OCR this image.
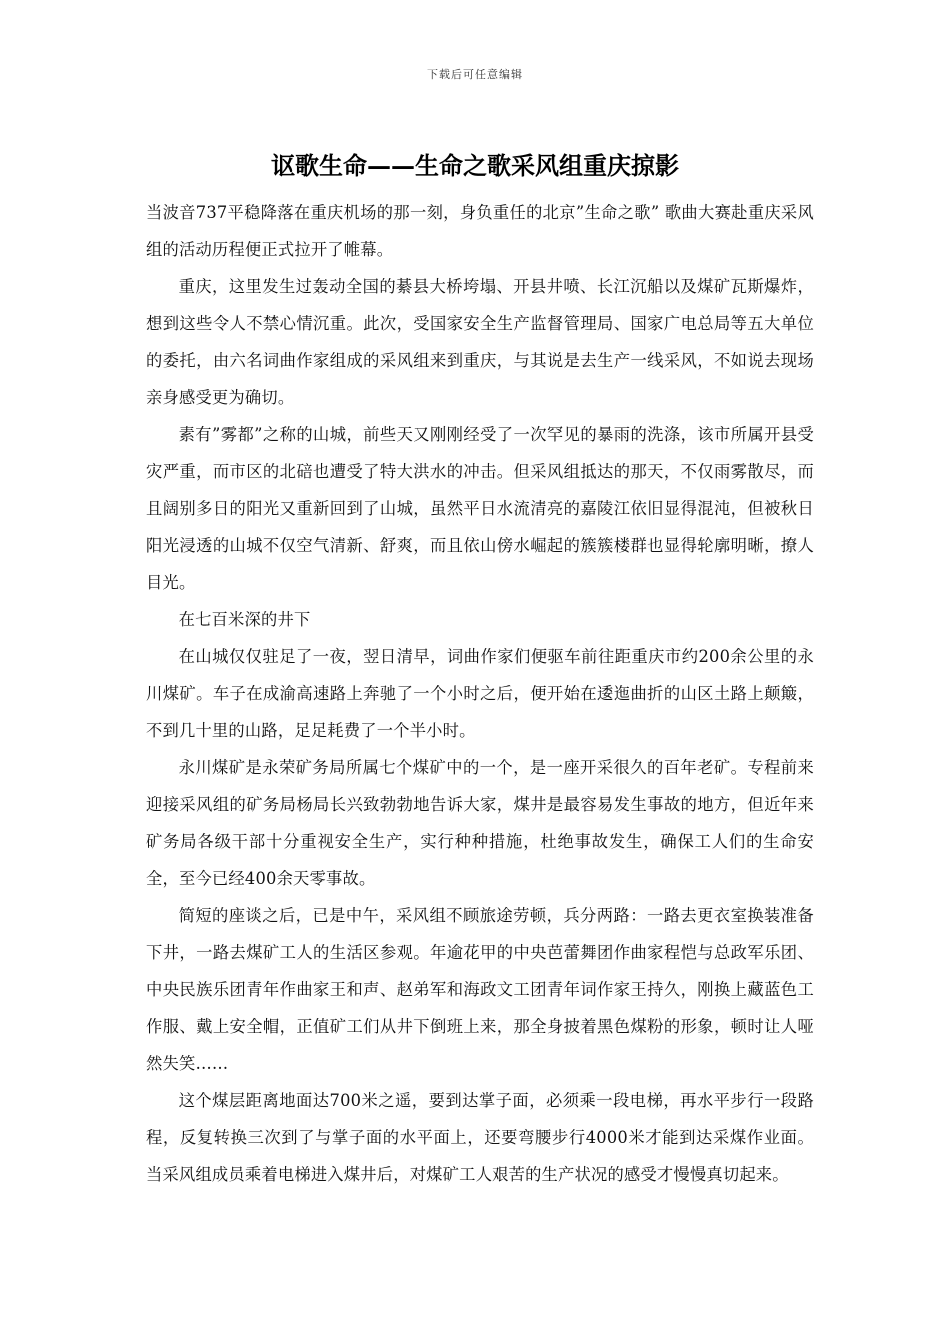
下载后可任意编辑
讴歌生命——生命之歌采风组重庆掠影

当波音737平稳降落在重庆机场的那一刻，身负重任的北京”生命之歌” 歌曲大赛赴重庆采风组的活动历程便正式拉开了帷幕。

重庆，这里发生过轰动全国的綦县大桥垮塌、开县井喷、长江沉船以及煤矿瓦斯爆炸，想到这些令人不禁心情沉重。此次，受国家安全生产监督管理局、国家广电总局等五大单位的委托，由六名词曲作家组成的采风组来到重庆，与其说是去生产一线采风，不如说去现场亲身感受更为确切。

素有”雾都”之称的山城，前些天又刚刚经受了一次罕见的暴雨的洗涤，该市所属开县受灾严重，而市区的北碚也遭受了特大洪水的冲击。但采风组抵达的那天，不仅雨雾散尽，而且阔别多日的阳光又重新回到了山城，虽然平日水流清亮的嘉陵江依旧显得混沌，但被秋日阳光浸透的山城不仅空气清新、舒爽，而且依山傍水崛起的簇簇楼群也显得轮廓明晰，撩人目光。

在七百米深的井下

在山城仅仅驻足了一夜，翌日清早，词曲作家们便驱车前往距重庆市约200余公里的永川煤矿。车子在成渝高速路上奔驰了一个小时之后，便开始在逶迤曲折的山区土路上颠簸，不到几十里的山路，足足耗费了一个半小时。

永川煤矿是永荣矿务局所属七个煤矿中的一个，是一座开采很久的百年老矿。专程前来迎接采风组的矿务局杨局长兴致勃勃地告诉大家，煤井是最容易发生事故的地方，但近年来矿务局各级干部十分重视安全生产，实行种种措施，杜绝事故发生，确保工人们的生命安全，至今已经400余天零事故。

简短的座谈之后，已是中午，采风组不顾旅途劳顿，兵分两路：一路去更衣室换装准备下井，一路去煤矿工人的生活区参观。年逾花甲的中央芭蕾舞团作曲家程恺与总政军乐团、中央民族乐团青年作曲家王和声、赵弟军和海政文工团青年词作家王持久，刚换上藏蓝色工作服、戴上安全帽，正值矿工们从井下倒班上来，那全身披着黑色煤粉的形象，顿时让人哑然失笑……

这个煤层距离地面达700米之遥，要到达掌子面，必须乘一段电梯，再水平步行一段路程，反复转换三次到了与掌子面的水平面上，还要弯腰步行4000米才能到达采煤作业面。当采风组成员乘着电梯进入煤井后，对煤矿工人艰苦的生产状况的感受才慢慢真切起来。
